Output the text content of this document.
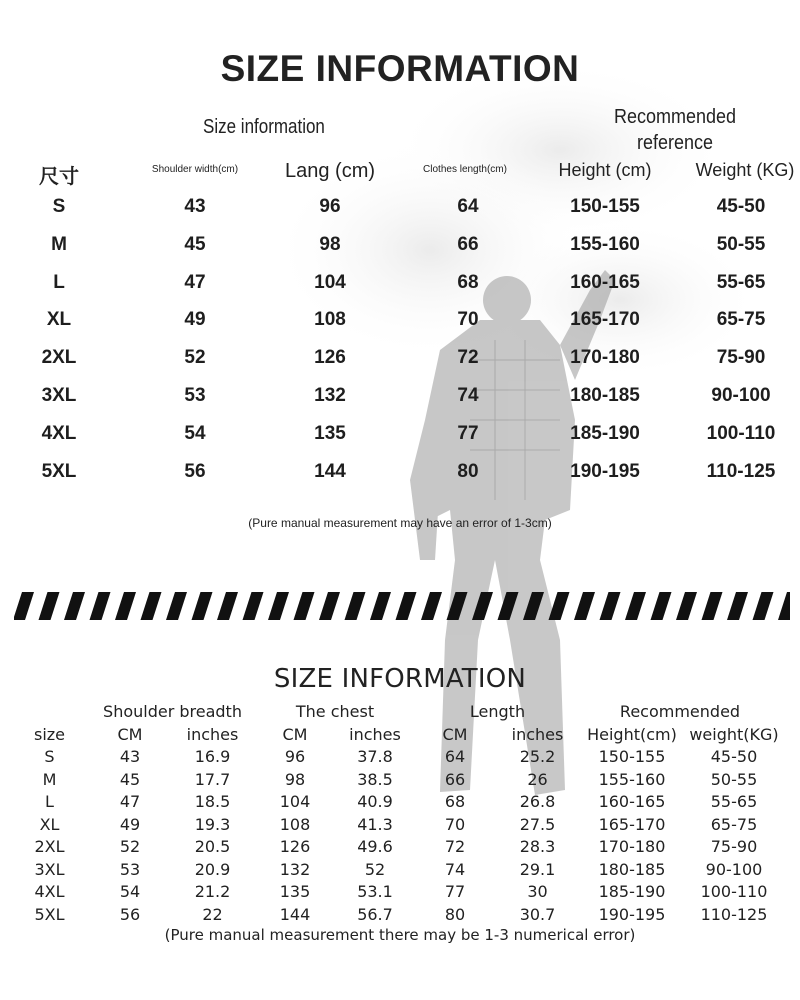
SIZE INFORMATION
Size information	Recommended reference
尺寸	Shoulder width(cm)	Lang (cm)	Clothes length(cm)	Height (cm)	Weight (KG)
S	43	96	64	150-155	45-50
M	45	98	66	155-160	50-55
L	47	104	68	160-165	55-65
XL	49	108	70	165-170	65-75
2XL	52	126	72	170-180	75-90
3XL	53	132	74	180-185	90-100
4XL	54	135	77	185-190	100-110
5XL	56	144	80	190-195	110-125
(Pure manual measurement may have an error of 1-3cm)
SIZE INFORMATION
Shoulder breadth	The chest	Length	Recommended
size	CM	inches	CM	inches	CM	inches	Height(cm) weight(KG)
S	43	16.9	96	37.8	64	25.2	150-155	45-50
M	45	17.7	98	38.5	66	26	155-160	50-55
L	47	18.5	104	40.9	68	26.8	160-165	55-65
XL	49	19.3	108	41.3	70	27.5	165-170	65-75
2XL	52	20.5	126	49.6	72	28.3	170-180	75-90
3XL	53	20.9	132	52	74	29.1	180-185	90-100
4XL	54	21.2	135	53.1	77	30	185-190	100-110
5XL	56	22	144	56.7	80	30.7	190-195	110-125
(Pure manual measurement there may be 1-3 numerical error)
